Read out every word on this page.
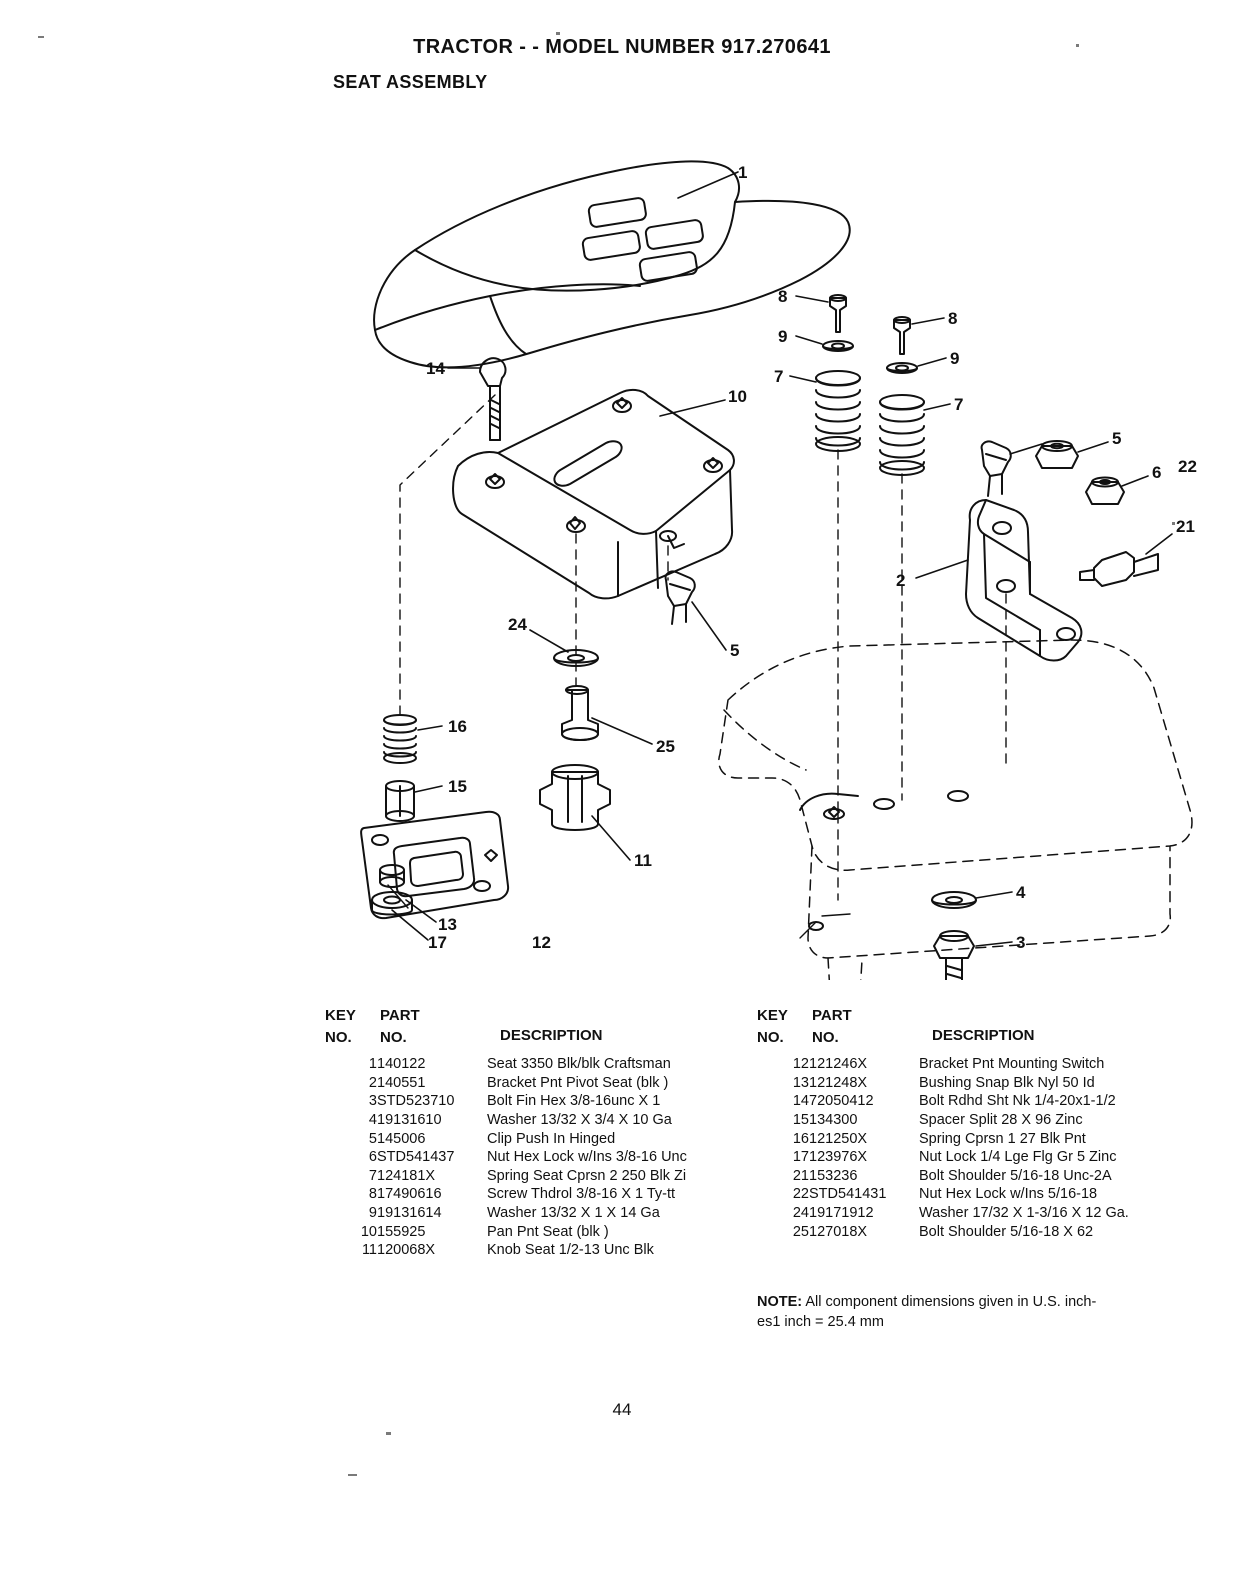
TRACTOR - - MODEL NUMBER 917.270641
SEAT ASSEMBLY
1
8
9
7
14
10
8
9
7
5
6 22
2
21
24
5
16
15
25
11
13
17	12
4
3
KEY
NO.
PART
NO.	DESCRIPTION
1	140122	Seat 3350 Blk/blk Craftsman
2	140551	Bracket Pnt Pivot Seat (blk )
3	STD523710	Bolt Fin Hex 3/8-16unc X 1
4	19131610	Washer 13/32 X 3/4 X 10 Ga
5	145006	Clip Push In Hinged
6	STD541437	Nut Hex Lock w/Ins 3/8-16 Unc
7	124181X	Spring Seat Cprsn 2 250 Blk Zi
8	17490616	Screw Thdrol 3/8-16 X 1 Ty-tt
9	19131614	Washer 13/32 X 1 X 14 Ga
10	155925	Pan Pnt Seat (blk )
11	120068X	Knob Seat 1/2-13 Unc Blk
KEY
NO.
PART
NO.	DESCRIPTION
12	121246X	Bracket Pnt Mounting Switch
13	121248X	Bushing Snap Blk Nyl 50 Id
14	72050412	Bolt Rdhd Sht Nk 1/4-20x1-1/2
15	134300	Spacer Split 28 X 96 Zinc
16	121250X	Spring Cprsn 1 27 Blk Pnt
17	123976X	Nut Lock 1/4 Lge Flg Gr 5 Zinc
21	153236	Bolt Shoulder 5/16-18 Unc-2A
22	STD541431	Nut Hex Lock w/Ins 5/16-18
24	19171912	Washer 17/32 X 1-3/16 X 12 Ga.
25	127018X	Bolt Shoulder 5/16-18 X 62
NOTE: All component dimensions given in U.S. inch-
es1 inch = 25.4 mm
44
